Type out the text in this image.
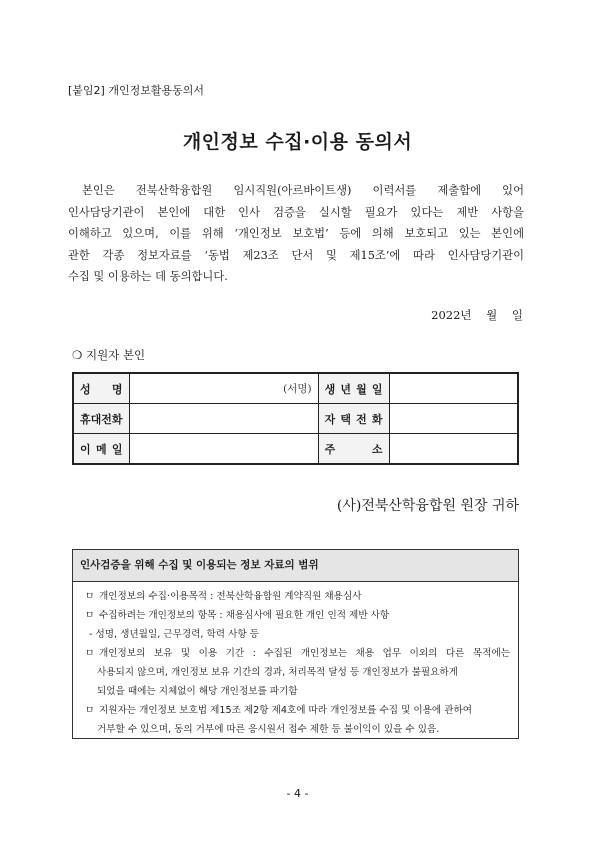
[붙임2] 개인정보활용동의서
개인정보 수집·이용 동의서
본인은 전북산학융합원 임시직원(아르바이트생) 이력서를 제출함에 있어
인사담당기관이 본인에 대한 인사 검증을 실시할 필요가 있다는 제반 사항을
이해하고 있으며, 이를 위해 ‘개인정보 보호법’ 등에 의해 보호되고 있는 본인에
관한 각종 정보자료를 ‘동법 제23조 단서 및 제15조’에 따라 인사담당기관이
수집 및 이용하는 데 동의합니다.
2022년    월    일
❍ 지원자 본인
성 명	(서명)	생 년 월 일	

휴 대 전 화		자 택 전 화	

이 메 일		주 소	

(사)전북산학융합원 원장 귀하
인사검증을 위해 수집 및 이용되는 정보 자료의 범위
ㅁ 개인정보의 수집·이용목적 : 전북산학융합원 계약직원 채용심사
ㅁ 수집하려는 개인정보의 항목 : 채용심사에 필요한 개인 인적 제반 사항
- 성명, 생년월일, 근무경력, 학력 사항 등
ㅁ 개인정보의 보유 및 이용 기간 : 수집된 개인정보는 채용 업무 이외의 다른 목적에는
사용되지 않으며, 개인정보 보유 기간의 경과, 처리목적 달성 등 개인정보가 불필요하게
되었을 때에는 지체없이 해당 개인정보를 파기함
ㅁ 지원자는 개인정보 보호법 제15조 제2항 제4호에 따라 개인정보를 수집 및 이용에 관하여
거부할 수 있으며, 동의 거부에 따른 응시원서 접수 제한 등 불이익이 있을 수 있음.
- 4 -
